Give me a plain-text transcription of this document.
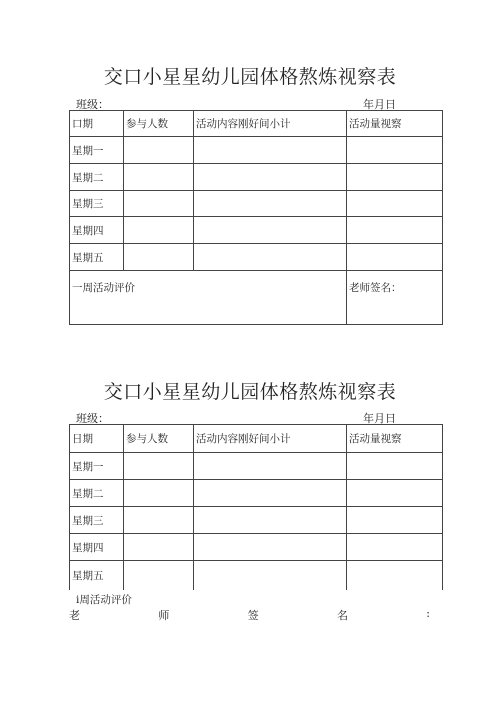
交口小星星幼儿园体格熬炼视察表
班级：	年月日
口期	参与人数	活动内容刚好间小计	活动量视察
星期一			
星期二			
星期三			
星期四			
星期五			
一周活动评价			老师签名：
交口小星星幼儿园体格熬炼视察表
班级：	年月日
日期	参与人数	活动内容刚好间小计	活动量视察
星期一			
星期二			
星期三			
星期四			
星期五			
i周活动评价
老	师	签	名	:
